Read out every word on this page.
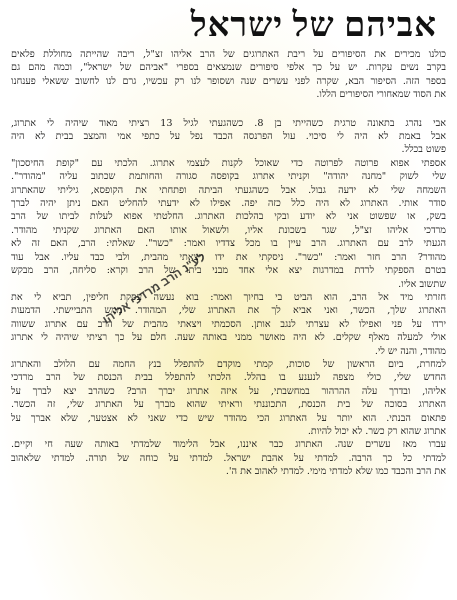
אביהם של ישראל
כולנו מכירים את הסיפורים על ריבת האתרוגים של הרב אליהו זצ"ל, ריבה שהייתה מחוללת פלאים
בקרב נשים עקרות. יש על כך אלפי סיפורים שנמצאים בספרי "אביהם של ישראל", וכמה מהם גם
בספר הזה. הסיפור הבא, שקרה לפני עשרים שנה ושסופר לנו רק עכשיו, גרם לנו לחשוב ששאלי פענחנו
את הסוד שמאחורי הסיפורים הללו.
אבי נהרג בתאונה טרגית כשהייתי בן 8. כשהגעתי לגיל 13 רציתי מאוד שיהיה לי אתרוג,
אבל באמת לא היה לי סיכוי. עול הפרנסה הכבד נפל על כתפי אמי והמצב בבית לא היה
פשוט בכלל.
אספתי אפוא פרוטה לפרוטה כדי שאוכל לקנות לעצמי אתרוג. הלכתי עם "קופת החיסכון"
שלי לשוק "מחנה יהודה" וקניתי אתרוג בקופסה סגורה והחותמת שכתוב עליה "מהודר".
השמחה שלי לא ידעה גבול. אבל כשהגעתי הביתה ופתחתי את הקופסא, גיליתי שהאתרוג
סודר אותי. האתרוג לא היה כלל כזה יפה. אפילו לא ידעתי להחליט האם ניתן יהיה לברך
בשק, או שפשוט אני לא יודע ובקי בהלכות האתרוג. החלטתי אפוא לעלות לביתו של הרב
מרדכי אליהו זצ"ל, שגר בשכונת אליו, ולשאול אותו האם האתרוג שקניתי מהודר.
הגעתי לרב עם האתרוג. הרב עיין בו מכל צדדיו ואמר: "כשר". שאלתי: הרב, האם זה לא
מהודר? הרב חזר ואמר: "כשר". ניסקתי את ידו ויצאתי מהבית, ולבי כבד עליו. אבל עוד
בטרם הספקתי לרדת במדרגות יצא אלי אחד מבני ביתו של הרב וקרא: סליחה, הרב מבקש
שתשוב אליו.
חזרתי מיד אל הרב, הוא הביט בי בחיוך ואמר: בוא נעשה עסקת חליפין, תביא לי את
האתרוג שלך, הכשר, ואני אביא לך את האתרוג שלי, המהודר. ממש התביישתי. הדמעות
ירדו על פני ואפילו לא עצרתי לנגב אותן. הסכמתי ויצאתי מהבית של הרב עם אתרוג ששווה
אולי למעלה מאלף שקלים. לא היה מאושר ממני באותה שעה. חלם על כך רציתי שיהיה לי אתרוג
מהודר, והנה יש לי.
למחרת, ביום הראשון של סוכות, קמתי מוקדם להתפלל בנץ החמה עם הלולב והאתרוג
החדש שלי, כולי מצפה לנענע בו בהלל. הלכתי להתפלל בבית הכנסת של הרב מרדכי
אליהו, ובדרך עלה ההרהור במחשבתי, על איזה אתרוג יברך הרב? כשהרב יצא לברך על
האתרוג בסוכה של בית הכנסת, התכוננתי וראיתי שהוא מברך על האתרוג שלי, זה הכשר.
פתאום הבנתי. הוא יותר על האתרוג הכי מהודר שיש כדי שאני לא אצטער, שלא אברך על
אתרוג שהוא רק כשר. לא יכול להיות.
עברו מאז עשרים שנה. האתרוג כבר איננו, אבל הלימוד שלמדתי באותה שעה חי וקיים.
למדתי כל כך הרבה. למדתי על אהבת ישראל. למדתי על כוחה של תורה. למדתי שלאהוב
את הרב והכבד כמו שלא למדתי מימי. למדתי לאהוב את ה'.
לע"נ הרב מרדכי אליהו
